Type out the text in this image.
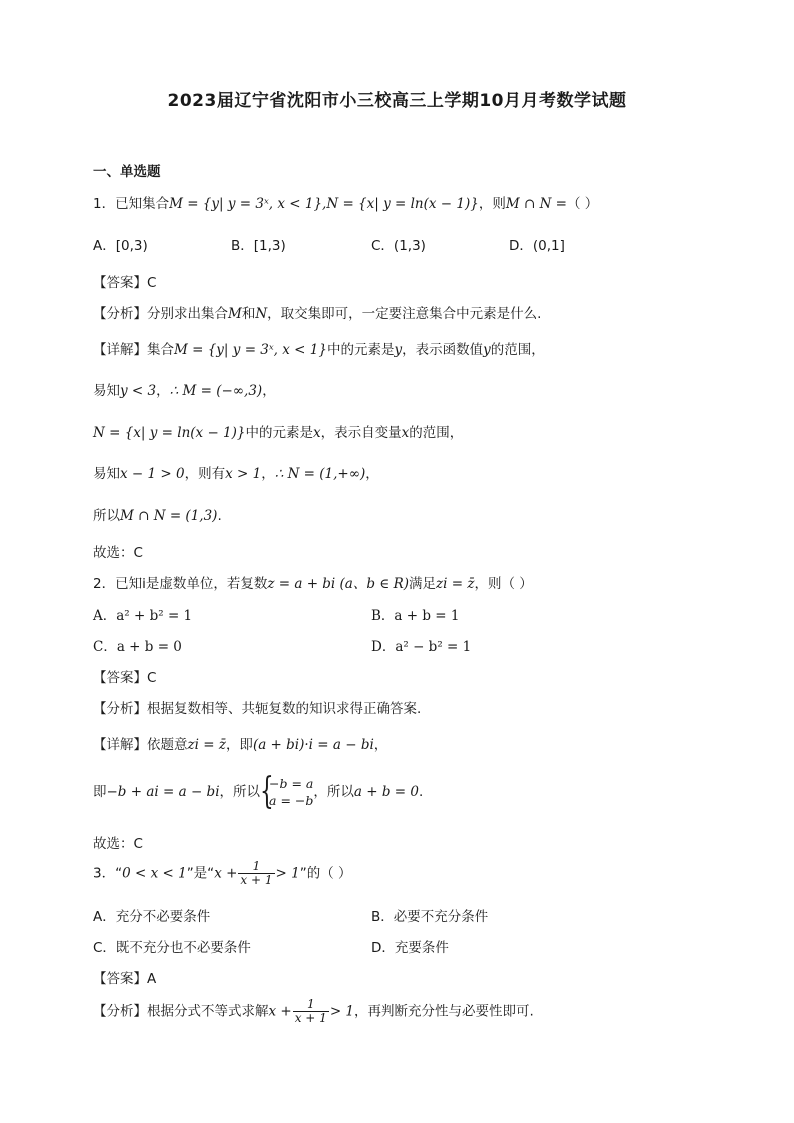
2023届辽宁省沈阳市小三校高三上学期10月月考数学试题
一、单选题
1．已知集合M = {y| y = 3ˣ, x < 1},N = {x| y = ln(x − 1)}，则M ∩ N =（ ）
A．[0,3)	B．[1,3)	C．(1,3)	D．(0,1]
【答案】C
【分析】分别求出集合M和N，取交集即可，一定要注意集合中元素是什么.
【详解】集合M = {y| y = 3ˣ, x < 1}中的元素是y，表示函数值y的范围，
易知y < 3，∴ M = (−∞,3)，
N = {x| y = ln(x − 1)}中的元素是x，表示自变量x的范围，
易知x − 1 > 0，则有x > 1，∴ N = (1,+∞)，
所以M ∩ N = (1,3).
故选：C
2．已知i是虚数单位，若复数z = a + bi (a、b ∈ R)满足zi = z̄，则（ ）
A．a² + b² = 1	B．a + b = 1
C．a + b = 0	D．a² − b² = 1
【答案】C
【分析】根据复数相等、共轭复数的知识求得正确答案.
【详解】依题意zi = z̄，即(a + bi)·i = a − bi，
即−b + ai = a − bi，所以 {
−b = a
a = −b
，所以a + b = 0.
故选：C
3．“0 < x < 1”是“$x + \frac{1}{x + 1} > 1$”的（ ）
A．充分不必要条件	B．必要不充分条件
C．既不充分也不必要条件	D．充要条件
【答案】A
【分析】根据分式不等式求解$x + \frac{1}{x + 1} > 1$，再判断充分性与必要性即可.
